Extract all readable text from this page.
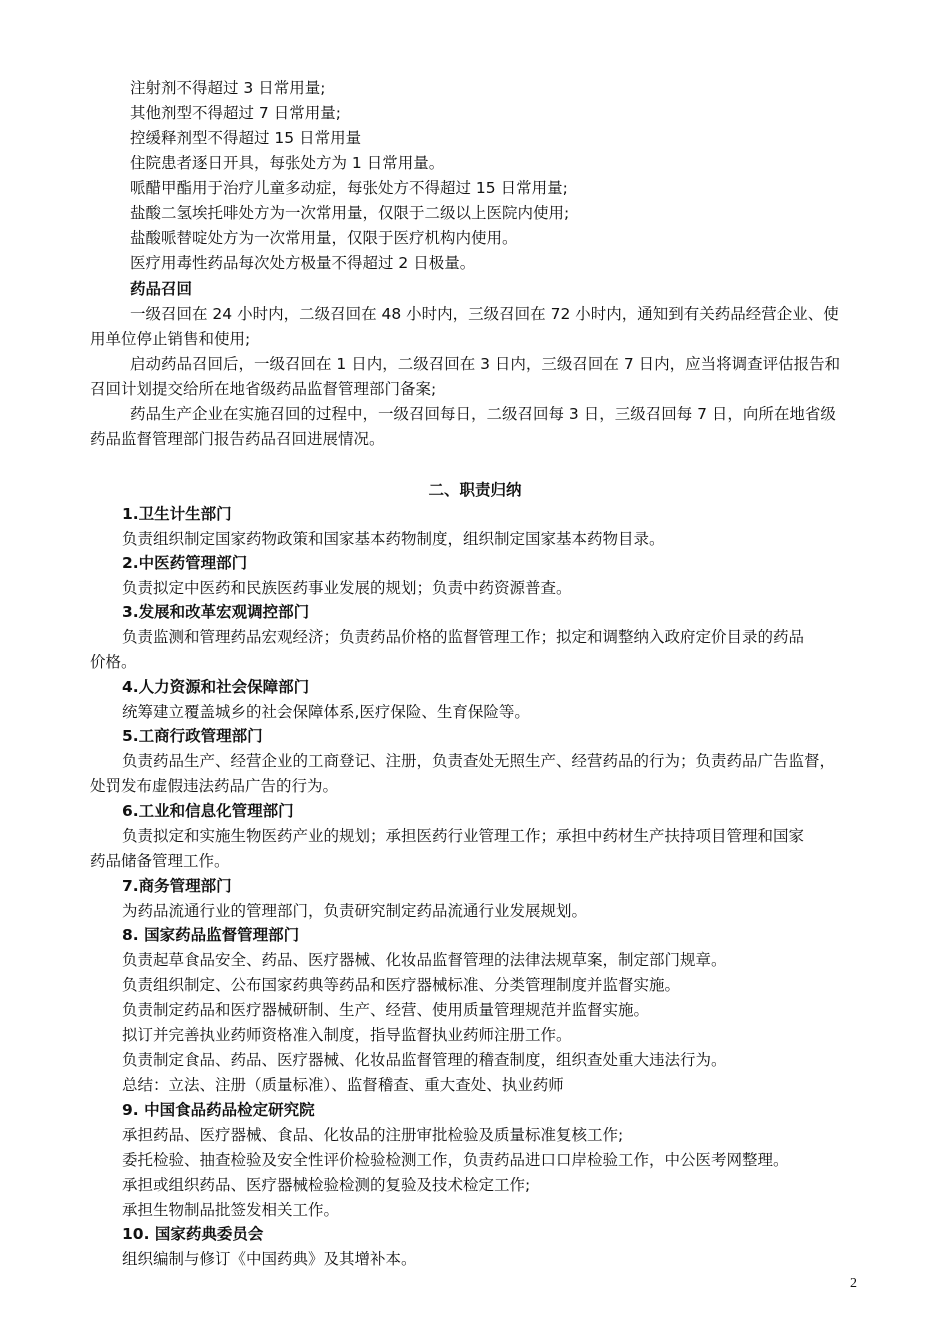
注射剂不得超过 3 日常用量;
其他剂型不得超过 7 日常用量;
控缓释剂型不得超过 15 日常用量
住院患者逐日开具，每张处方为 1 日常用量。
哌醋甲酯用于治疗儿童多动症，每张处方不得超过 15 日常用量;
盐酸二氢埃托啡处方为一次常用量，仅限于二级以上医院内使用;
盐酸哌替啶处方为一次常用量，仅限于医疗机构内使用。
医疗用毒性药品每次处方极量不得超过 2 日极量。
药品召回
一级召回在 24 小时内，二级召回在 48 小时内，三级召回在 72 小时内，通知到有关药品经营企业、使
用单位停止销售和使用;
启动药品召回后，一级召回在 1 日内，二级召回在 3 日内，三级召回在 7 日内，应当将调查评估报告和
召回计划提交给所在地省级药品监督管理部门备案;
药品生产企业在实施召回的过程中，一级召回每日，二级召回每 3 日，三级召回每 7 日，向所在地省级
药品监督管理部门报告药品召回进展情况。
二、职责归纳
1.卫生计生部门
负责组织制定国家药物政策和国家基本药物制度，组织制定国家基本药物目录。
2.中医药管理部门
负责拟定中医药和民族医药事业发展的规划；负责中药资源普查。
3.发展和改革宏观调控部门
负责监测和管理药品宏观经济；负责药品价格的监督管理工作；拟定和调整纳入政府定价目录的药品
价格。
4.人力资源和社会保障部门
统筹建立覆盖城乡的社会保障体系,医疗保险、生育保险等。
5.工商行政管理部门
负责药品生产、经营企业的工商登记、注册，负责查处无照生产、经营药品的行为；负责药品广告监督，
处罚发布虚假违法药品广告的行为。
6.工业和信息化管理部门
负责拟定和实施生物医药产业的规划；承担医药行业管理工作；承担中药材生产扶持项目管理和国家
药品储备管理工作。
7.商务管理部门
为药品流通行业的管理部门，负责研究制定药品流通行业发展规划。
8. 国家药品监督管理部门
负责起草食品安全、药品、医疗器械、化妆品监督管理的法律法规草案，制定部门规章。
负责组织制定、公布国家药典等药品和医疗器械标准、分类管理制度并监督实施。
负责制定药品和医疗器械研制、生产、经营、使用质量管理规范并监督实施。
拟订并完善执业药师资格准入制度，指导监督执业药师注册工作。
负责制定食品、药品、医疗器械、化妆品监督管理的稽查制度，组织查处重大违法行为。
总结：立法、注册（质量标准）、监督稽查、重大查处、执业药师
9. 中国食品药品检定研究院
承担药品、医疗器械、食品、化妆品的注册审批检验及质量标准复核工作;
委托检验、抽查检验及安全性评价检验检测工作，负责药品进口口岸检验工作，中公医考网整理。
承担或组织药品、医疗器械检验检测的复验及技术检定工作;
承担生物制品批签发相关工作。
10. 国家药典委员会
组织编制与修订《中国药典》及其增补本。
2
